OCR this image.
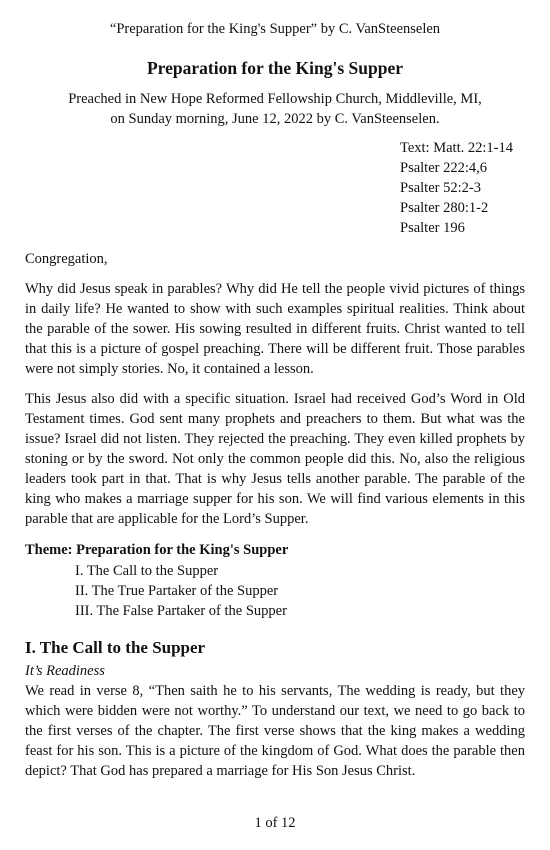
“Preparation for the King's Supper” by C. VanSteenselen
Preparation for the King's Supper
Preached in New Hope Reformed Fellowship Church, Middleville, MI,
on Sunday morning, June 12, 2022 by C. VanSteenselen.
Text: Matt. 22:1-14
Psalter 222:4,6
Psalter 52:2-3
Psalter 280:1-2
Psalter 196

Congregation,

Why did Jesus speak in parables? Why did He tell the people vivid pictures of things in daily life? He wanted to show with such examples spiritual realities. Think about the parable of the sower. His sowing resulted in different fruits. Christ wanted to tell that this is a picture of gospel preaching. There will be different fruit. Those parables were not simply stories. No, it contained a lesson.

This Jesus also did with a specific situation. Israel had received God’s Word in Old Testament times. God sent many prophets and preachers to them. But what was the issue? Israel did not listen. They rejected the preaching. They even killed prophets by stoning or by the sword. Not only the common people did this. No, also the religious leaders took part in that. That is why Jesus tells another parable. The parable of the king who makes a marriage supper for his son. We will find various elements in this parable that are applicable for the Lord’s Supper.

Theme: Preparation for the King's Supper
I. The Call to the Supper
II. The True Partaker of the Supper
III. The False Partaker of the Supper
I. The Call to the Supper
It’s Readiness

We read in verse 8, “Then saith he to his servants, The wedding is ready, but they which were bidden were not worthy.” To understand our text, we need to go back to the first verses of the chapter. The first verse shows that the king makes a wedding feast for his son. This is a picture of the kingdom of God. What does the parable then depict? That God has prepared a marriage for His Son Jesus Christ.

1 of 12
